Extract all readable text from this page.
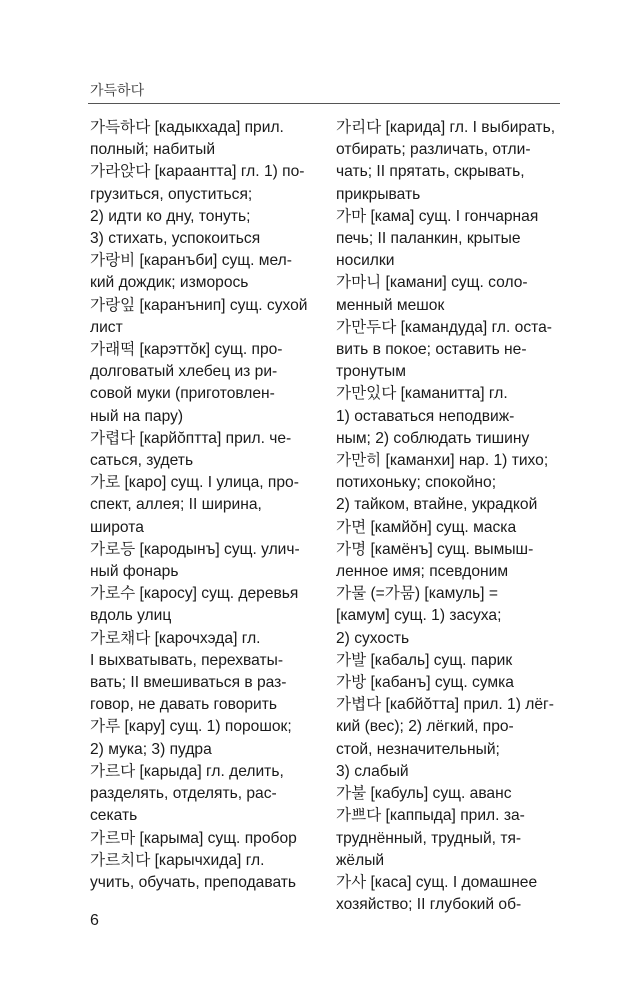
가득하다
가득하다 [кадыкхада] прил.
полный; набитый
가라앉다 [караантта] гл. 1) по-
грузиться, опуститься;
2) идти ко дну, тонуть;
3) стихать, успокоиться
가랑비 [каранъби] сущ. мел-
кий дождик; изморось
가랑잎 [каранънип] сущ. сухой
лист
가래떡 [карэттŏк] сущ. про-
долговатый хлебец из ри-
совой муки (приготовлен-
ный на пару)
가렵다 [карйŏптта] прил. че-
саться, зудеть
가로 [каро] сущ. I улица, про-
спект, аллея; II ширина,
широта
가로등 [кародынъ] сущ. улич-
ный фонарь
가로수 [каросу] сущ. деревья
вдоль улиц
가로채다 [карочхэда] гл.
I выхватывать, перехваты-
вать; II вмешиваться в раз-
говор, не давать говорить
가루 [кару] сущ. 1) порошок;
2) мука; 3) пудра
가르다 [карыда] гл. делить,
разделять, отделять, рас-
секать
가르마 [карыма] сущ. пробор
가르치다 [карычхида] гл.
учить, обучать, преподавать
가리다 [карида] гл. I выбирать,
отбирать; различать, отли-
чать; II прятать, скрывать,
прикрывать
가마 [кама] сущ. I гончарная
печь; II паланкин, крытые
носилки
가마니 [камани] сущ. соло-
менный мешок
가만두다 [камандуда] гл. оста-
вить в покое; оставить не-
тронутым
가만있다 [каманитта] гл.
1) оставаться неподвиж-
ным; 2) соблюдать тишину
가만히 [каманхи] нар. 1) тихо;
потихоньку; спокойно;
2) тайком, втайне, украдкой
가면 [камйŏн] сущ. маска
가명 [камёнъ] сущ. вымыш-
ленное имя; псевдоним
가물 (=가뭄) [камуль] =
[камум] сущ. 1) засуха;
2) сухость
가발 [кабаль] сущ. парик
가방 [кабанъ] сущ. сумка
가볍다 [кабйŏтта] прил. 1) лёг-
кий (вес); 2) лёгкий, про-
стой, незначительный;
3) слабый
가불 [кабуль] сущ. аванс
가쁘다 [каппыда] прил. за-
труднённый, трудный, тя-
жёлый
가사 [каса] сущ. I домашнее
хозяйство; II глубокий об-
6
